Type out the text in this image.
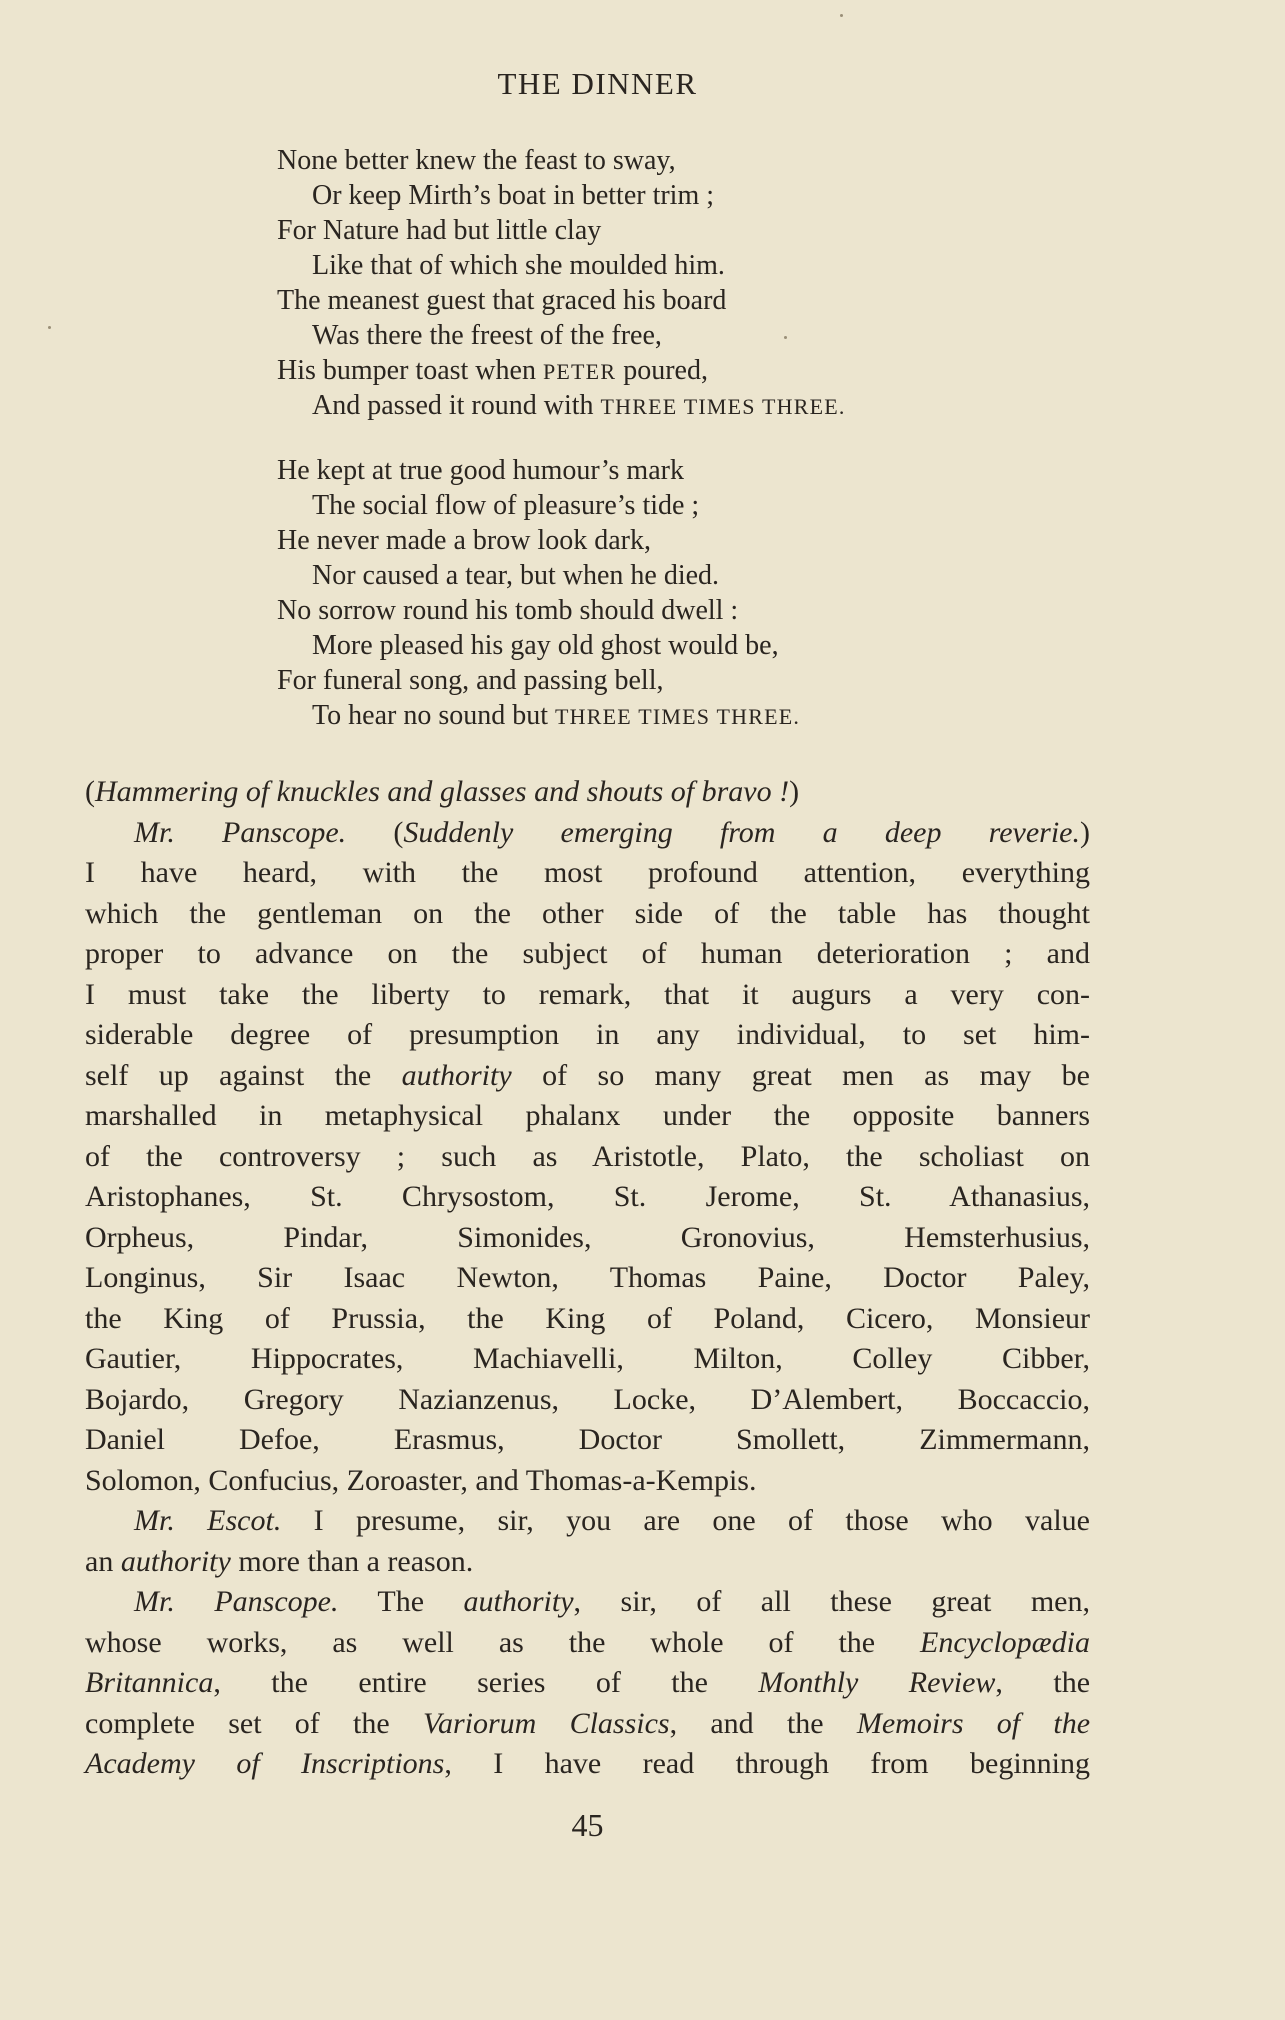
THE DINNER
None better knew the feast to sway,
Or keep Mirth’s boat in better trim ;
For Nature had but little clay
Like that of which she moulded him.
The meanest guest that graced his board
Was there the freest of the free,
His bumper toast when PETER poured,
And passed it round with THREE TIMES THREE.
He kept at true good humour’s mark
The social flow of pleasure’s tide ;
He never made a brow look dark,
Nor caused a tear, but when he died.
No sorrow round his tomb should dwell :
More pleased his gay old ghost would be,
For funeral song, and passing bell,
To hear no sound but THREE TIMES THREE.
(Hammering of knuckles and glasses and shouts of bravo !)
Mr. Panscope. (Suddenly emerging from a deep reverie.)
I have heard, with the most profound attention, everything
which the gentleman on the other side of the table has thought
proper to advance on the subject of human deterioration ; and
I must take the liberty to remark, that it augurs a very con-
siderable degree of presumption in any individual, to set him-
self up against the authority of so many great men as may be
marshalled in metaphysical phalanx under the opposite banners
of the controversy ; such as Aristotle, Plato, the scholiast on
Aristophanes, St. Chrysostom, St. Jerome, St. Athanasius,
Orpheus, Pindar, Simonides, Gronovius, Hemsterhusius,
Longinus, Sir Isaac Newton, Thomas Paine, Doctor Paley,
the King of Prussia, the King of Poland, Cicero, Monsieur
Gautier, Hippocrates, Machiavelli, Milton, Colley Cibber,
Bojardo, Gregory Nazianzenus, Locke, D’Alembert, Boccaccio,
Daniel Defoe, Erasmus, Doctor Smollett, Zimmermann,
Solomon, Confucius, Zoroaster, and Thomas-a-Kempis.
Mr. Escot. I presume, sir, you are one of those who value
an authority more than a reason.
Mr. Panscope. The authority, sir, of all these great men,
whose works, as well as the whole of the Encyclopædia
Britannica, the entire series of the Monthly Review, the
complete set of the Variorum Classics, and the Memoirs of the
Academy of Inscriptions, I have read through from beginning
45
